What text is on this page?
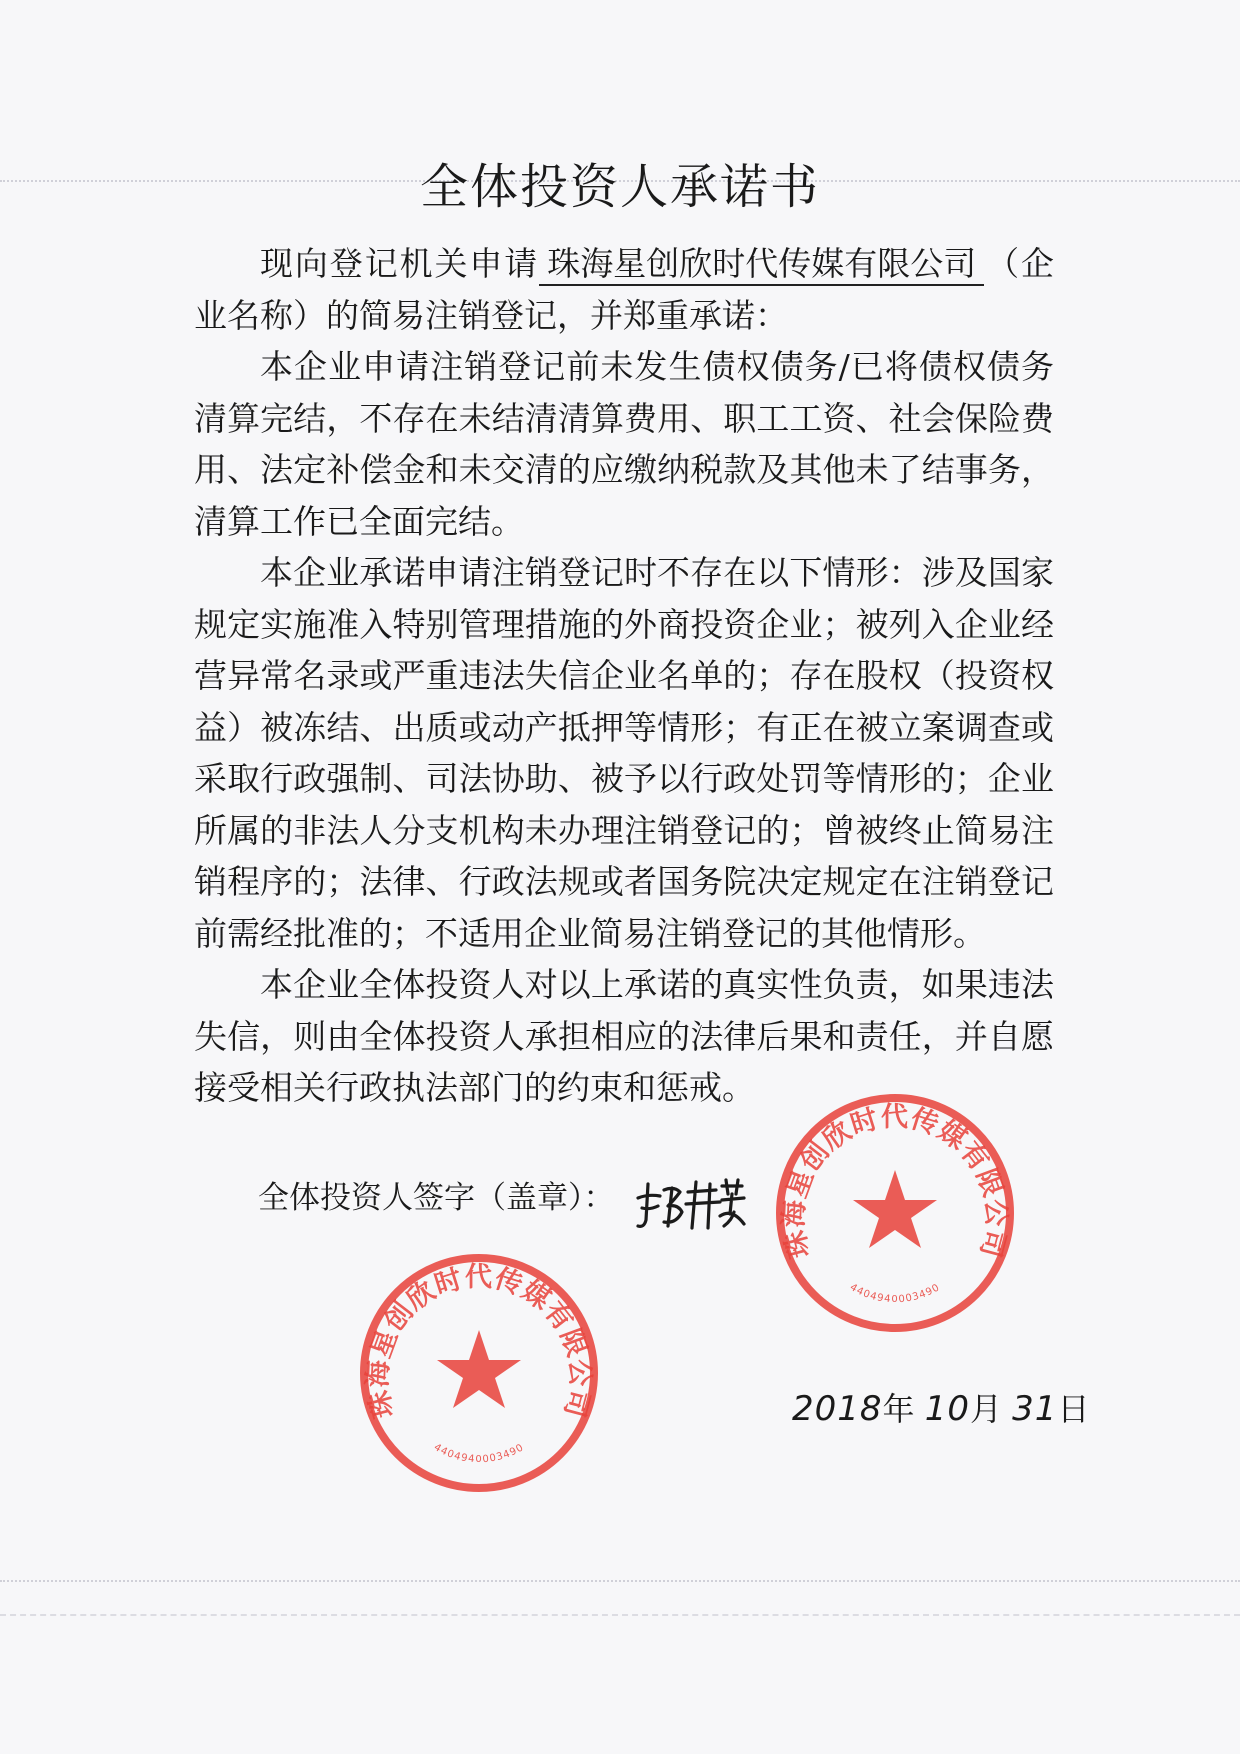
全体投资人承诺书

现向登记机关申请 珠海星创欣时代传媒有限公司 （企业名称）的简易注销登记，并郑重承诺：

本企业申请注销登记前未发生债权债务/已将债权债务清算完结，不存在未结清清算费用、职工工资、社会保险费用、法定补偿金和未交清的应缴纳税款及其他未了结事务，清算工作已全面完结。

本企业承诺申请注销登记时不存在以下情形：涉及国家规定实施准入特别管理措施的外商投资企业；被列入企业经营异常名录或严重违法失信企业名单的；存在股权（投资权益）被冻结、出质或动产抵押等情形；有正在被立案调查或采取行政强制、司法协助、被予以行政处罚等情形的；企业所属的非法人分支机构未办理注销登记的；曾被终止简易注销程序的；法律、行政法规或者国务院决定规定在注销登记前需经批准的；不适用企业简易注销登记的其他情形。

本企业全体投资人对以上承诺的真实性负责，如果违法失信，则由全体投资人承担相应的法律后果和责任，并自愿接受相关行政执法部门的约束和惩戒。

全体投资人签字（盖章）：
珠海星创欣时代传媒有限公司
4404940003490
珠海星创欣时代传媒有限公司
4404940003490
2018年 10月 31日
